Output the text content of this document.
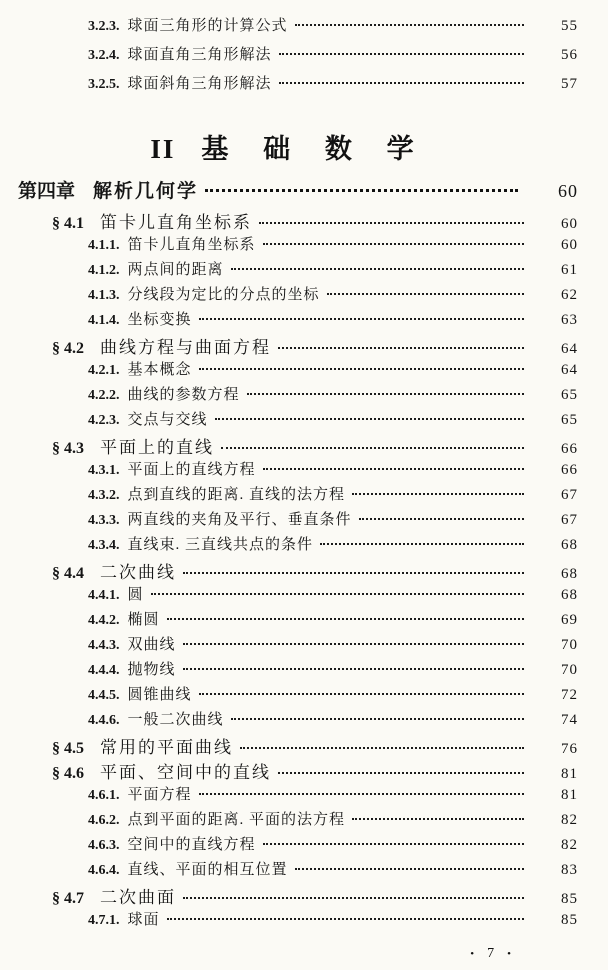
3.2.3. 球面三角形的计算公式	55
3.2.4. 球面直角三角形解法	56
3.2.5. 球面斜角三角形解法	57
II 基 础 数 学
第四章 解析几何学	60
§ 4.1 笛卡儿直角坐标系	60
4.1.1. 笛卡儿直角坐标系	60
4.1.2. 两点间的距离	61
4.1.3. 分线段为定比的分点的坐标	62
4.1.4. 坐标变换	63
§ 4.2 曲线方程与曲面方程	64
4.2.1. 基本概念	64
4.2.2. 曲线的参数方程	65
4.2.3. 交点与交线	65
§ 4.3 平面上的直线	66
4.3.1. 平面上的直线方程	66
4.3.2. 点到直线的距离. 直线的法方程	67
4.3.3. 两直线的夹角及平行、垂直条件	67
4.3.4. 直线束. 三直线共点的条件	68
§ 4.4 二次曲线	68
4.4.1. 圆	68
4.4.2. 椭圆	69
4.4.3. 双曲线	70
4.4.4. 抛物线	70
4.4.5. 圆锥曲线	72
4.4.6. 一般二次曲线	74
§ 4.5 常用的平面曲线	76
§ 4.6 平面、空间中的直线	81
4.6.1. 平面方程	81
4.6.2. 点到平面的距离. 平面的法方程	82
4.6.3. 空间中的直线方程	82
4.6.4. 直线、平面的相互位置	83
§ 4.7 二次曲面	85
4.7.1. 球面	85
• 7 •
